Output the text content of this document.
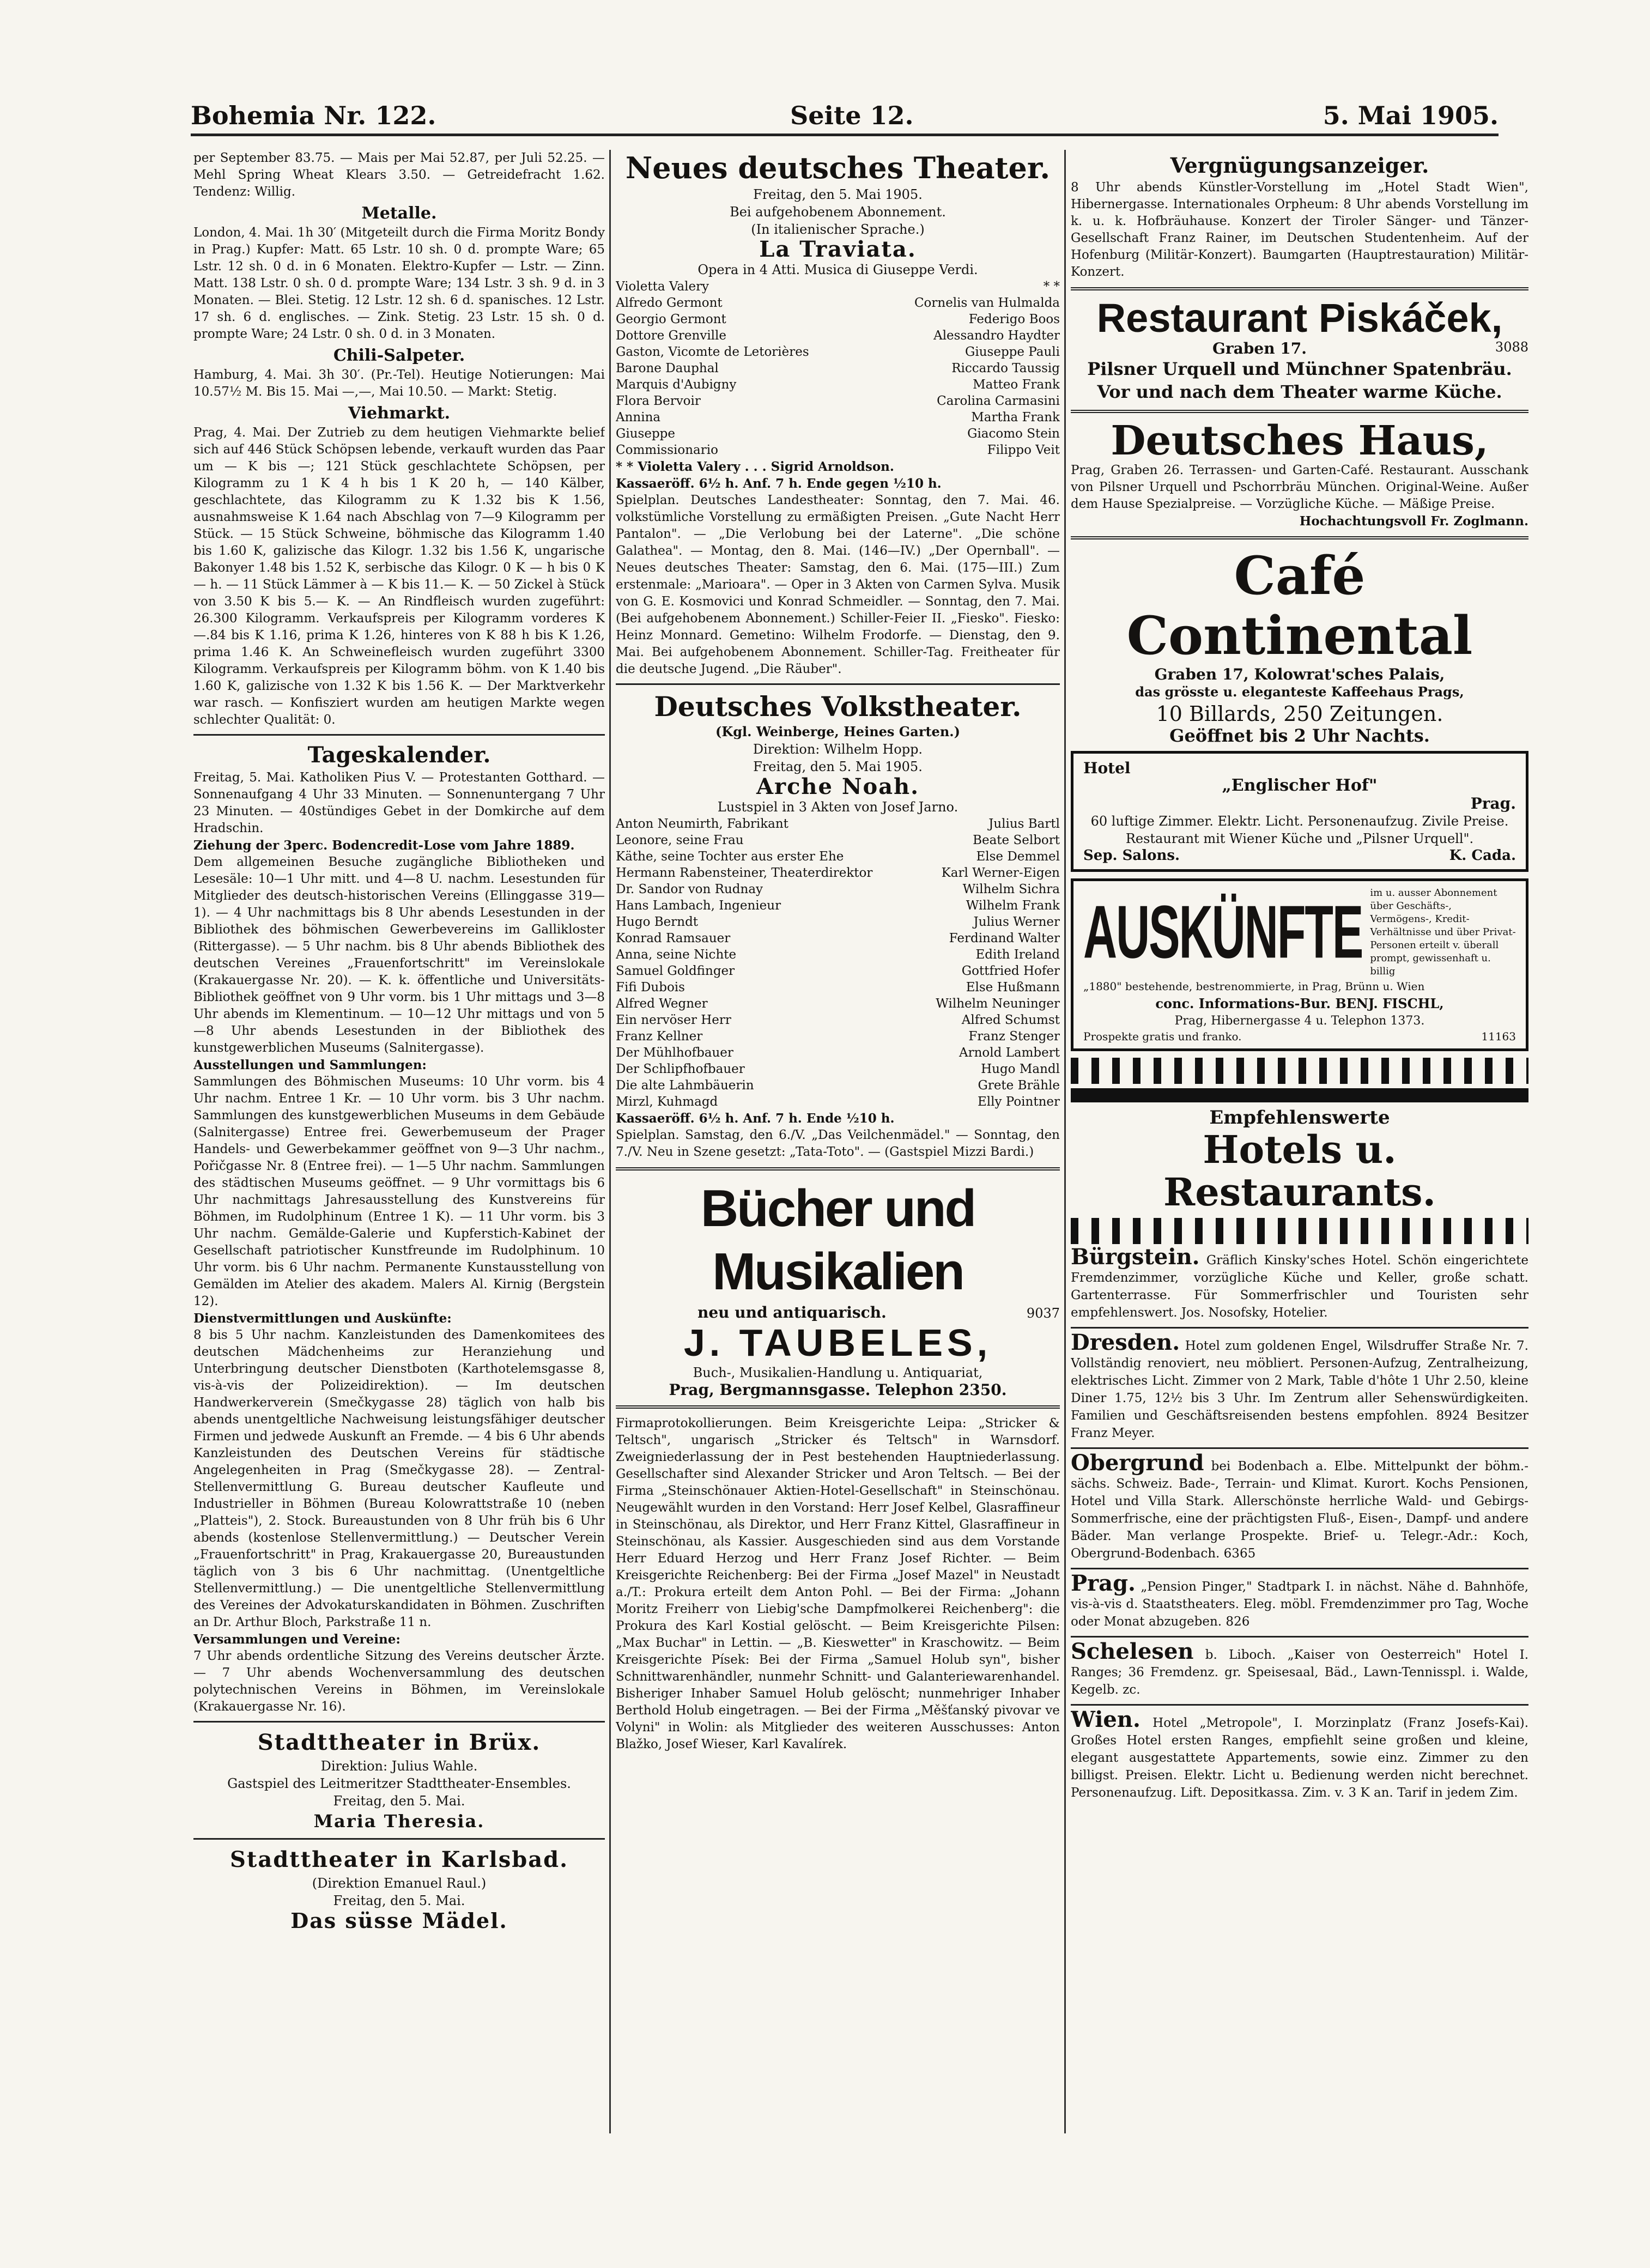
Bohemia Nr. 122.	Seite 12.	5. Mai 1905.

per September 83.75. — Mais per Mai 52.87, per Juli 52.25. — Mehl Spring Wheat Klears 3.50. — Getreidefracht 1.62. Tendenz: Willig.

Metalle.

London, 4. Mai. 1h 30′ (Mitgeteilt durch die Firma Moritz Bondy in Prag.) Kupfer: Matt. 65 Lstr. 10 sh. 0 d. prompte Ware; 65 Lstr. 12 sh. 0 d. in 6 Monaten. Elektro-Kupfer — Lstr. — Zinn. Matt. 138 Lstr. 0 sh. 0 d. prompte Ware; 134 Lstr. 3 sh. 9 d. in 3 Monaten. — Blei. Stetig. 12 Lstr. 12 sh. 6 d. spanisches. 12 Lstr. 17 sh. 6 d. englisches. — Zink. Stetig. 23 Lstr. 15 sh. 0 d. prompte Ware; 24 Lstr. 0 sh. 0 d. in 3 Monaten.

Chili-Salpeter.

Hamburg, 4. Mai. 3h 30′. (Pr.-Tel). Heutige Notierungen: Mai 10.57½ M. Bis 15. Mai —,—, Mai 10.50. — Markt: Stetig.

Viehmarkt.

Prag, 4. Mai. Der Zutrieb zu dem heutigen Viehmarkte belief sich auf 446 Stück Schöpsen lebende, verkauft wurden das Paar um — K bis —; 121 Stück geschlachtete Schöpsen, per Kilogramm zu 1 K 4 h bis 1 K 20 h, — 140 Kälber, geschlachtete, das Kilogramm zu K 1.32 bis K 1.56, ausnahmsweise K 1.64 nach Abschlag von 7—9 Kilogramm per Stück. — 15 Stück Schweine, böhmische das Kilogramm 1.40 bis 1.60 K, galizische das Kilogr. 1.32 bis 1.56 K, ungarische Bakonyer 1.48 bis 1.52 K, serbische das Kilogr. 0 K — h bis 0 K — h. — 11 Stück Lämmer à — K bis 11.— K. — 50 Zickel à Stück von 3.50 K bis 5.— K. — An Rindfleisch wurden zugeführt: 26.300 Kilogramm. Verkaufspreis per Kilogramm vorderes K —.84 bis K 1.16, prima K 1.26, hinteres von K 88 h bis K 1.26, prima 1.46 K. An Schweinefleisch wurden zugeführt 3300 Kilogramm. Verkaufspreis per Kilogramm böhm. von K 1.40 bis 1.60 K, galizische von 1.32 K bis 1.56 K. — Der Marktverkehr war rasch. — Konfisziert wurden am heutigen Markte wegen schlechter Qualität: 0.

Tageskalender.

Freitag, 5. Mai. Katholiken Pius V. — Protestanten Gotthard. — Sonnenaufgang 4 Uhr 33 Minuten. — Sonnenuntergang 7 Uhr 23 Minuten. — 40stündiges Gebet in der Domkirche auf dem Hradschin.

Ziehung der 3perc. Bodencredit-Lose vom Jahre 1889.

Dem allgemeinen Besuche zugängliche Bibliotheken und Lesesäle: 10—1 Uhr mitt. und 4—8 U. nachm. Lesestunden für Mitglieder des deutsch-historischen Vereins (Ellinggasse 319—1). — 4 Uhr nachmittags bis 8 Uhr abends Lesestunden in der Bibliothek des böhmischen Gewerbevereins im Gallikloster (Rittergasse). — 5 Uhr nachm. bis 8 Uhr abends Bibliothek des deutschen Vereines „Frauenfortschritt" im Vereinslokale (Krakauergasse Nr. 20). — K. k. öffentliche und Universitäts-Bibliothek geöffnet von 9 Uhr vorm. bis 1 Uhr mittags und 3—8 Uhr abends im Klementinum. — 10—12 Uhr mittags und von 5—8 Uhr abends Lesestunden in der Bibliothek des kunstgewerblichen Museums (Salnitergasse).

Ausstellungen und Sammlungen:

Sammlungen des Böhmischen Museums: 10 Uhr vorm. bis 4 Uhr nachm. Entree 1 Kr. — 10 Uhr vorm. bis 3 Uhr nachm. Sammlungen des kunstgewerblichen Museums in dem Gebäude (Salnitergasse) Entree frei. Gewerbemuseum der Prager Handels- und Gewerbekammer geöffnet von 9—3 Uhr nachm., Pořičgasse Nr. 8 (Entree frei). — 1—5 Uhr nachm. Sammlungen des städtischen Museums geöffnet. — 9 Uhr vormittags bis 6 Uhr nachmittags Jahresausstellung des Kunstvereins für Böhmen, im Rudolphinum (Entree 1 K). — 11 Uhr vorm. bis 3 Uhr nachm. Gemälde-Galerie und Kupferstich-Kabinet der Gesellschaft patriotischer Kunstfreunde im Rudolphinum. 10 Uhr vorm. bis 6 Uhr nachm. Permanente Kunstausstellung von Gemälden im Atelier des akadem. Malers Al. Kirnig (Bergstein 12).

Dienstvermittlungen und Auskünfte:

8 bis 5 Uhr nachm. Kanzleistunden des Damenkomitees des deutschen Mädchenheims zur Heranziehung und Unterbringung deutscher Dienstboten (Karthotelemsgasse 8, vis-à-vis der Polizeidirektion). — Im deutschen Handwerkerverein (Smečkygasse 28) täglich von halb bis abends unentgeltliche Nachweisung leistungsfähiger deutscher Firmen und jedwede Auskunft an Fremde. — 4 bis 6 Uhr abends Kanzleistunden des Deutschen Vereins für städtische Angelegenheiten in Prag (Smečkygasse 28). — Zentral-Stellenvermittlung G. Bureau deutscher Kaufleute und Industrieller in Böhmen (Bureau Kolowrattstraße 10 (neben „Platteis"), 2. Stock. Bureaustunden von 8 Uhr früh bis 6 Uhr abends (kostenlose Stellenvermittlung.) — Deutscher Verein „Frauenfortschritt" in Prag, Krakauergasse 20, Bureaustunden täglich von 3 bis 6 Uhr nachmittag. (Unentgeltliche Stellenvermittlung.) — Die unentgeltliche Stellenvermittlung des Vereines der Advokaturskandidaten in Böhmen. Zuschriften an Dr. Arthur Bloch, Parkstraße 11 n.

Versammlungen und Vereine:

7 Uhr abends ordentliche Sitzung des Vereins deutscher Ärzte. — 7 Uhr abends Wochenversammlung des deutschen polytechnischen Vereins in Böhmen, im Vereinslokale (Krakauergasse Nr. 16).

Stadttheater in Brüx.

Direktion: Julius Wahle.

Gastspiel des Leitmeritzer Stadttheater-Ensembles.

Freitag, den 5. Mai.

Maria Theresia.

Stadttheater in Karlsbad.

(Direktion Emanuel Raul.)

Freitag, den 5. Mai.

Das süsse Mädel.

Neues deutsches Theater.

Freitag, den 5. Mai 1905.

Bei aufgehobenem Abonnement.

(In italienischer Sprache.)

La Traviata.

Opera in 4 Atti. Musica di Giuseppe Verdi.

Violetta Valery	* *
Alfredo Germont	Cornelis van Hulmalda
Georgio Germont	Federigo Boos
Dottore Grenville	Alessandro Haydter
Gaston, Vicomte de Letorières	Giuseppe Pauli
Barone Dauphal	Riccardo Taussig
Marquis d'Aubigny	Matteo Frank
Flora Bervoir	Carolina Carmasini
Annina	Martha Frank
Giuseppe	Giacomo Stein
Commissionario	Filippo Veit

* * Violetta Valery . . . Sigrid Arnoldson.

Kassaeröff. 6½ h. Anf. 7 h. Ende gegen ½10 h.

Spielplan. Deutsches Landestheater: Sonntag, den 7. Mai. 46. volkstümliche Vorstellung zu ermäßigten Preisen. „Gute Nacht Herr Pantalon". — „Die Verlobung bei der Laterne". „Die schöne Galathea". — Montag, den 8. Mai. (146—IV.) „Der Opernball". — Neues deutsches Theater: Samstag, den 6. Mai. (175—III.) Zum erstenmale: „Marioara". — Oper in 3 Akten von Carmen Sylva. Musik von G. E. Kosmovici und Konrad Schmeidler. — Sonntag, den 7. Mai. (Bei aufgehobenem Abonnement.) Schiller-Feier II. „Fiesko". Fiesko: Heinz Monnard. Gemetino: Wilhelm Frodorfe. — Dienstag, den 9. Mai. Bei aufgehobenem Abonnement. Schiller-Tag. Freitheater für die deutsche Jugend. „Die Räuber".

Deutsches Volkstheater.

(Kgl. Weinberge, Heines Garten.)

Direktion: Wilhelm Hopp.

Freitag, den 5. Mai 1905.

Arche Noah.

Lustspiel in 3 Akten von Josef Jarno.

Anton Neumirth, Fabrikant	Julius Bartl
Leonore, seine Frau	Beate Selbort
Käthe, seine Tochter aus erster Ehe	Else Demmel
Hermann Rabensteiner, Theaterdirektor	Karl Werner-Eigen
Dr. Sandor von Rudnay	Wilhelm Sichra
Hans Lambach, Ingenieur	Wilhelm Frank
Hugo Berndt	Julius Werner
Konrad Ramsauer	Ferdinand Walter
Anna, seine Nichte	Edith Ireland
Samuel Goldfinger	Gottfried Hofer
Fifi Dubois	Else Hußmann
Alfred Wegner	Wilhelm Neuninger
Ein nervöser Herr	Alfred Schumst
Franz Kellner	Franz Stenger
Der Mühlhofbauer	Arnold Lambert
Der Schlipfhofbauer	Hugo Mandl
Die alte Lahmbäuerin	Grete Brähle
Mirzl, Kuhmagd	Elly Pointner

Kassaeröff. 6½ h. Anf. 7 h. Ende ½10 h.

Spielplan. Samstag, den 6./V. „Das Veilchenmädel." — Sonntag, den 7./V. Neu in Szene gesetzt: „Tata-Toto". — (Gastspiel Mizzi Bardi.)

Bücher und Musikalien

neu und antiquarisch.	9037

J. TAUBELES,

Buch-, Musikalien-Handlung u. Antiquariat,

Prag, Bergmannsgasse. Telephon 2350.

Firmaprotokollierungen. Beim Kreisgerichte Leipa: „Stricker & Teltsch", ungarisch „Stricker és Teltsch" in Warnsdorf. Zweigniederlassung der in Pest bestehenden Hauptniederlassung. Gesellschafter sind Alexander Stricker und Aron Teltsch. — Bei der Firma „Steinschönauer Aktien-Hotel-Gesellschaft" in Steinschönau. Neugewählt wurden in den Vorstand: Herr Josef Kelbel, Glasraffineur in Steinschönau, als Direktor, und Herr Franz Kittel, Glasraffineur in Steinschönau, als Kassier. Ausgeschieden sind aus dem Vorstande Herr Eduard Herzog und Herr Franz Josef Richter. — Beim Kreisgerichte Reichenberg: Bei der Firma „Josef Mazel" in Neustadt a./T.: Prokura erteilt dem Anton Pohl. — Bei der Firma: „Johann Moritz Freiherr von Liebig'sche Dampfmolkerei Reichenberg": die Prokura des Karl Kostial gelöscht. — Beim Kreisgerichte Pilsen: „Max Buchar" in Lettin. — „B. Kieswetter" in Kraschowitz. — Beim Kreisgerichte Písek: Bei der Firma „Samuel Holub syn", bisher Schnittwarenhändler, nunmehr Schnitt- und Galanteriewarenhandel. Bisheriger Inhaber Samuel Holub gelöscht; nunmehriger Inhaber Berthold Holub eingetragen. — Bei der Firma „Měšťanský pivovar ve Volyni" in Wolin: als Mitglieder des weiteren Ausschusses: Anton Blažko, Josef Wieser, Karl Kavalírek.

Vergnügungsanzeiger.

8 Uhr abends Künstler-Vorstellung im „Hotel Stadt Wien", Hibernergasse. Internationales Orpheum: 8 Uhr abends Vorstellung im k. u. k. Hofbräuhause. Konzert der Tiroler Sänger- und Tänzer-Gesellschaft Franz Rainer, im Deutschen Studentenheim. Auf der Hofenburg (Militär-Konzert). Baumgarten (Hauptrestauration) Militär-Konzert.

Restaurant Piskáček,

Graben 17.	3088

Pilsner Urquell und Münchner Spatenbräu.

Vor und nach dem Theater warme Küche.

Deutsches Haus,

Prag, Graben 26. Terrassen- und Garten-Café. Restaurant. Ausschank von Pilsner Urquell und Pschorrbräu München. Original-Weine. Außer dem Hause Spezialpreise. — Vorzügliche Küche. — Mäßige Preise.

Hochachtungsvoll Fr. Zoglmann.

Café Continental

Graben 17, Kolowrat'sches Palais,

das grösste u. eleganteste Kaffeehaus Prags,

10 Billards, 250 Zeitungen.

Geöffnet bis 2 Uhr Nachts.

Hotel

„Englischer Hof"

Prag.

60 luftige Zimmer. Elektr. Licht. Personenaufzug. Zivile Preise. Restaurant mit Wiener Küche und „Pilsner Urquell".

Sep. Salons.	K. Cada.
AUSKÜNFTE im u. ausser Abonnement über Geschäfts-, Vermögens-, Kredit-Verhältnisse und über Privat-Personen erteilt v. überall prompt, gewissenhaft u. billig

„1880" bestehende, bestrenommierte, in Prag, Brünn u. Wien

conc. Informations-Bur. BENJ. FISCHL,

Prag, Hibernergasse 4 u. Telephon 1373.

Prospekte gratis und franko.	11163

Empfehlenswerte

Hotels u. Restaurants.

Bürgstein. Gräflich Kinsky'sches Hotel. Schön eingerichtete Fremdenzimmer, vorzügliche Küche und Keller, große schatt. Gartenterrasse. Für Sommerfrischler und Touristen sehr empfehlenswert. Jos. Nosofsky, Hotelier.
Dresden. Hotel zum goldenen Engel, Wilsdruffer Straße Nr. 7. Vollständig renoviert, neu möbliert. Personen-Aufzug, Zentralheizung, elektrisches Licht. Zimmer von 2 Mark, Table d'hôte 1 Uhr 2.50, kleine Diner 1.75, 12½ bis 3 Uhr. Im Zentrum aller Sehenswürdigkeiten. Familien und Geschäftsreisenden bestens empfohlen. 8924 Besitzer Franz Meyer.
Obergrund bei Bodenbach a. Elbe. Mittelpunkt der böhm.-sächs. Schweiz. Bade-, Terrain- und Klimat. Kurort. Kochs Pensionen, Hotel und Villa Stark. Allerschönste herrliche Wald- und Gebirgs-Sommerfrische, eine der prächtigsten Fluß-, Eisen-, Dampf- und andere Bäder. Man verlange Prospekte. Brief- u. Telegr.-Adr.: Koch, Obergrund-Bodenbach. 6365
Prag. „Pension Pinger," Stadtpark I. in nächst. Nähe d. Bahnhöfe, vis-à-vis d. Staatstheaters. Eleg. möbl. Fremdenzimmer pro Tag, Woche oder Monat abzugeben. 826
Schelesen b. Liboch. „Kaiser von Oesterreich" Hotel I. Ranges; 36 Fremdenz. gr. Speisesaal, Bäd., Lawn-Tennisspl. i. Walde, Kegelb. zc.
Wien. Hotel „Metropole", I. Morzinplatz (Franz Josefs-Kai). Großes Hotel ersten Ranges, empfiehlt seine großen und kleine, elegant ausgestattete Appartements, sowie einz. Zimmer zu den billigst. Preisen. Elektr. Licht u. Bedienung werden nicht berechnet. Personenaufzug. Lift. Depositkassa. Zim. v. 3 K an. Tarif in jedem Zim.
